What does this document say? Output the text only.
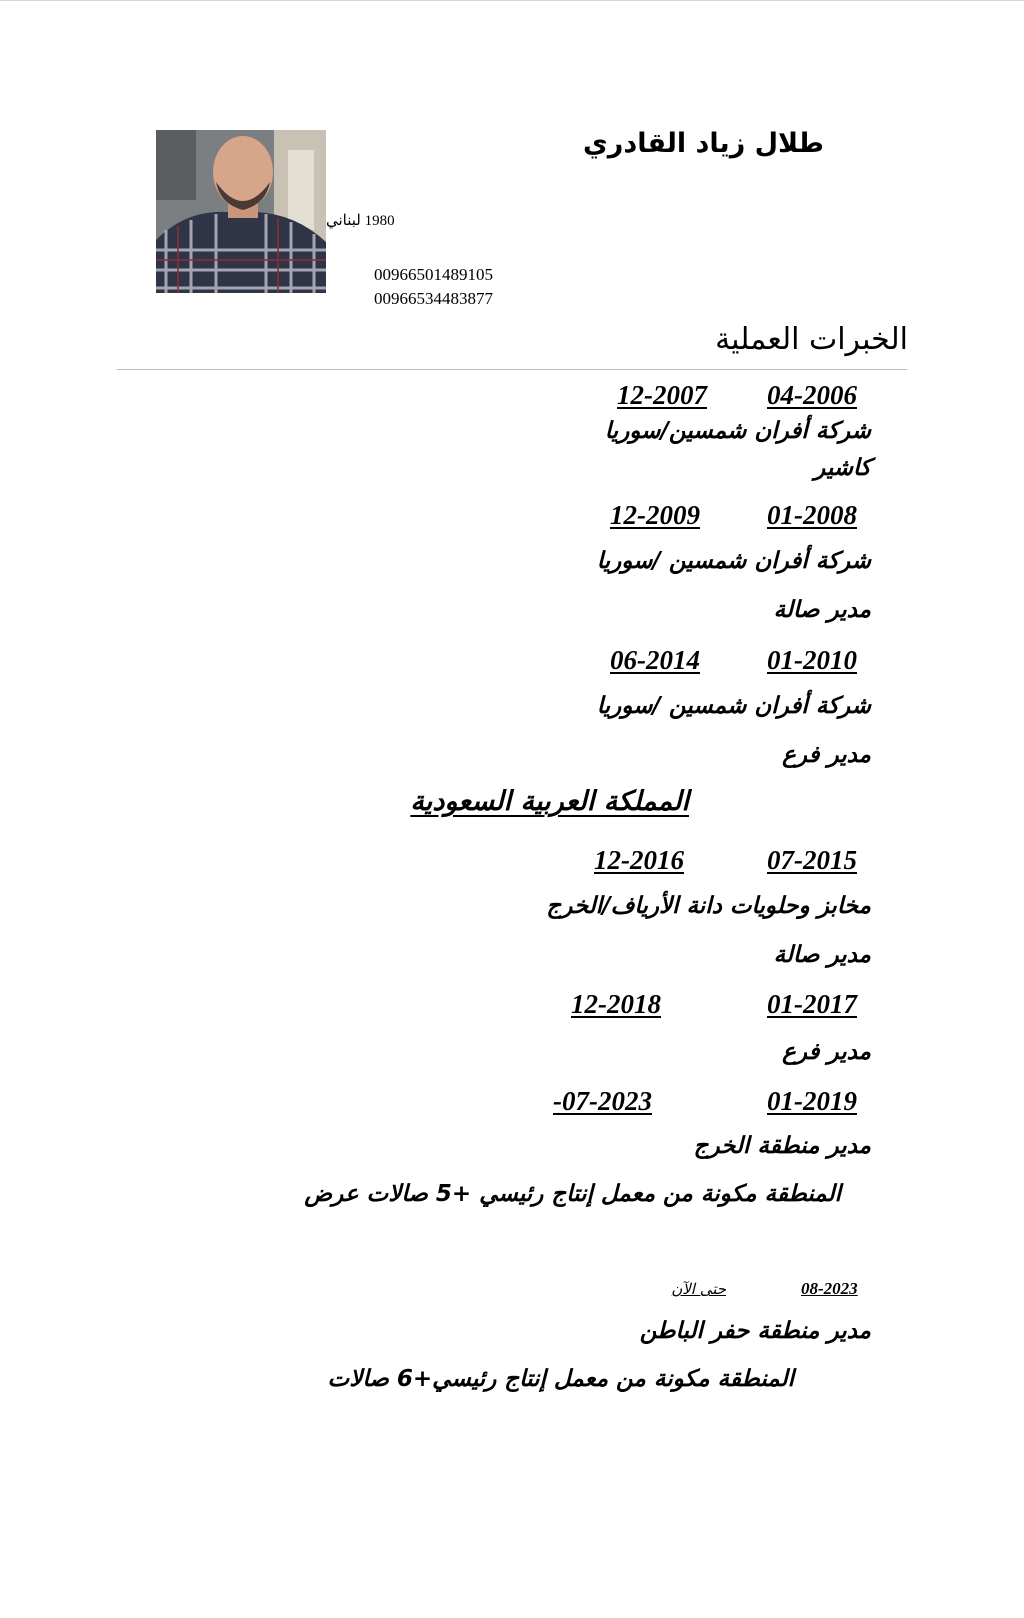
طلال زياد القادري
1980 لبناني
00966501489105
00966534483877
الخبرات العملية
12-2007 04-2006
شركة أفران شمسين/سوريا
كاشير
12-2009 01-2008
شركة أفران شمسين /سوريا
مدير صالة
06-2014 01-2010
شركة أفران شمسين /سوريا
مدير فرع
المملكة العربية السعودية
12-2016	07-2015
مخابز وحلويات دانة الأرياف/الخرج
مدير صالة
12-2018	01-2017
مدير فرع
-07-2023	01-2019
مدير منطقة الخرج
المنطقة مكونة من معمل إنتاج رئيسي +5 صالات عرض
08-2023
حتى الآن
مدير منطقة حفر الباطن
المنطقة مكونة من معمل إنتاج رئيسي+6 صالات
